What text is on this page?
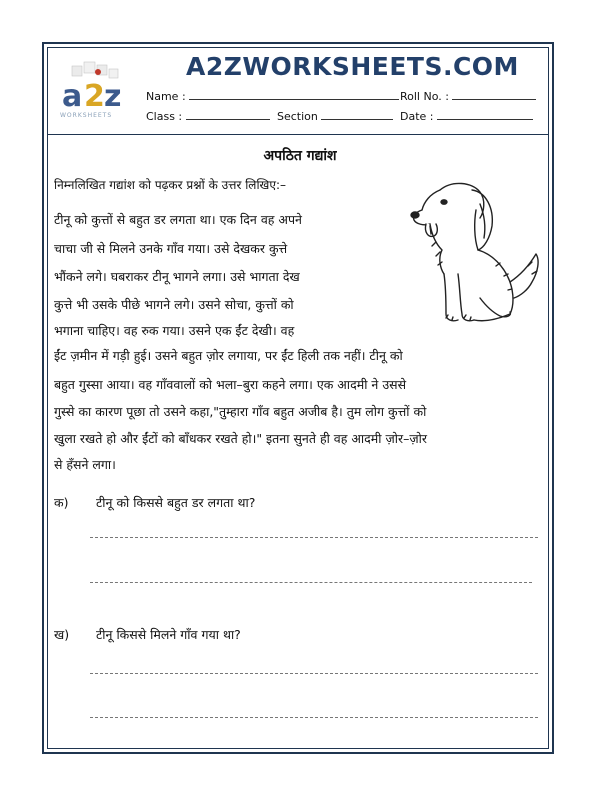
a 2 z
WORKSHEETS
A2ZWORKSHEETS.COM
Name :	Roll No. :
Class :	Section	Date :
अपठित गद्यांश
निम्नलिखित गद्यांश को पढ़कर प्रश्नों के उत्तर लिखिए:–
टीनू को कुत्तों से बहुत डर लगता था। एक दिन वह अपने
चाचा जी से मिलने उनके गाँव गया। उसे देखकर कुत्ते
भौंकने लगे। घबराकर टीनू भागने लगा। उसे भागता देख
कुत्ते भी उसके पीछे भागने लगे। उसने सोचा, कुत्तों को
भगाना चाहिए। वह रुक गया। उसने एक ईंट देखी। वह
ईंट ज़मीन में गड़ी हुई। उसने बहुत ज़ोर लगाया, पर ईंट हिली तक नहीं। टीनू को
बहुत गुस्सा आया। वह गाँववालों को भला–बुरा कहने लगा। एक आदमी ने उससे
गुस्से का कारण पूछा तो उसने कहा,"तुम्हारा गाँव बहुत अजीब है। तुम लोग कुत्तों को
खुला रखते हो और ईंटों को बाँधकर रखते हो।" इतना सुनते ही वह आदमी ज़ोर–ज़ोर
से हँसने लगा।
क) टीनू को किससे बहुत डर लगता था?
ख) टीनू किससे मिलने गाँव गया था?
